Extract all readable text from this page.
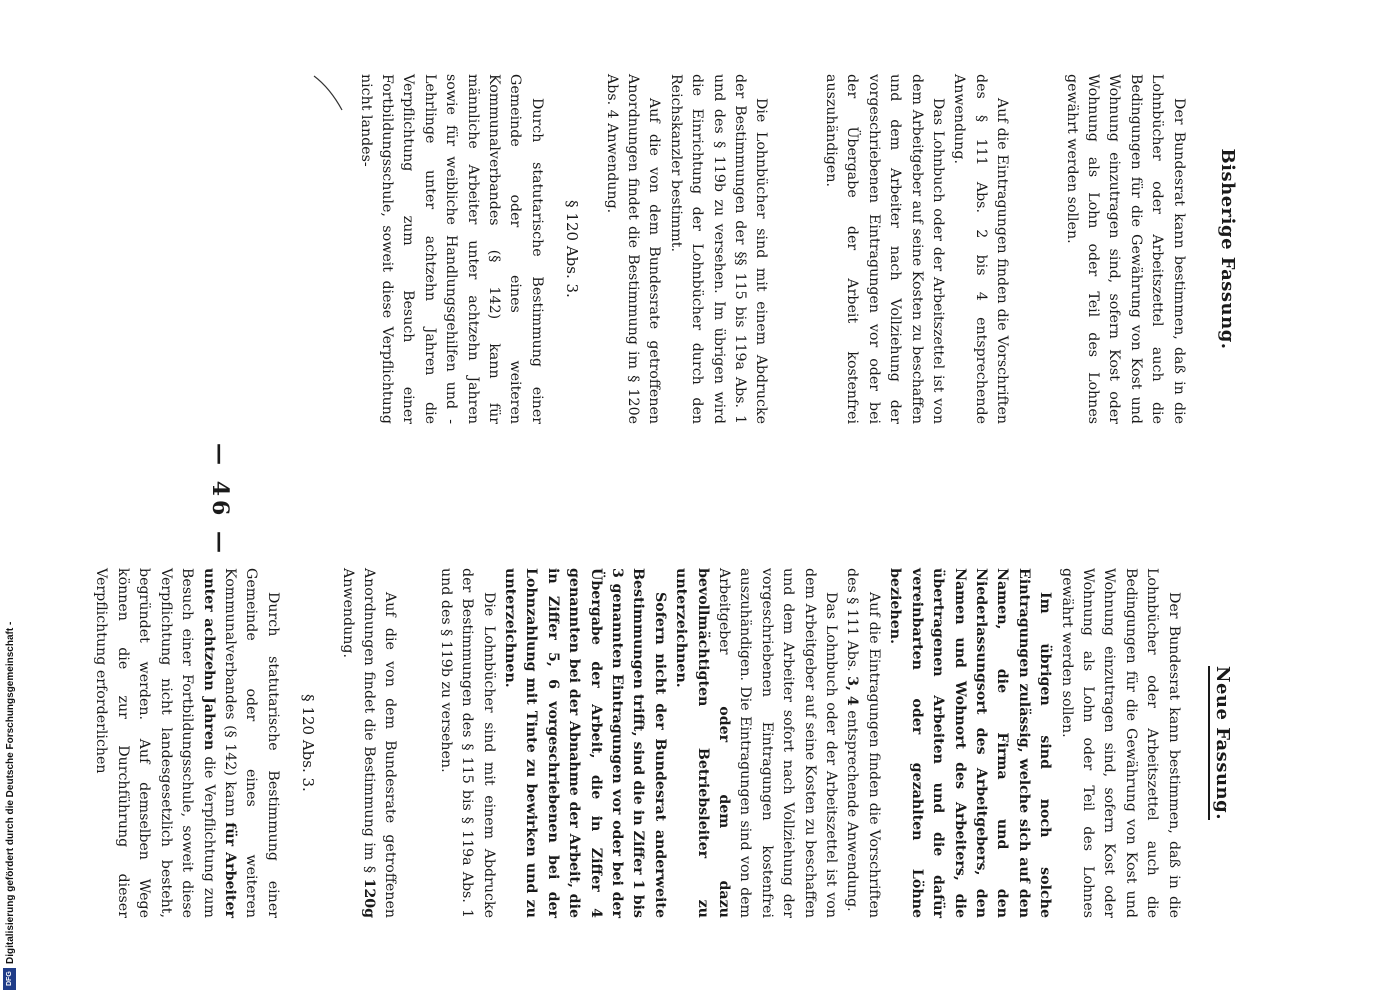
— 46 —
Bisherige Fassung.

Der Bundesrat kann bestimmen, daß in die Lohnbücher oder Arbeitszettel auch die Bedingungen für die Gewährung von Kost und Wohnung einzutragen sind, sofern Kost oder Wohnung als Lohn oder Teil des Lohnes gewährt werden sollen.

Auf die Eintragungen finden die Vorschriften des § 111 Abs. 2 bis 4 entsprechende Anwendung.

Das Lohnbuch oder der Arbeitszettel ist von dem Arbeitgeber auf seine Kosten zu beschaffen und dem Arbeiter nach Vollziehung der vorgeschriebenen Eintragungen vor oder bei der Übergabe der Arbeit kostenfrei auszuhändigen.

Die Lohnbücher sind mit einem Abdrucke der Bestimmungen der §§ 115 bis 119a Abs. 1 und des § 119b zu versehen. Im übrigen wird die Einrichtung der Lohnbücher durch den Reichskanzler bestimmt.

Auf die von dem Bundesrate getroffenen Anordnungen findet die Bestimmung im § 120e Abs. 4 Anwendung.

§ 120 Abs. 3.

Durch statutarische Bestimmung einer Gemeinde oder eines weiteren Kommunalverbandes (§ 142) kann für männliche Arbeiter unter achtzehn Jahren sowie für weibliche Handlungsgehilfen und -Lehrlinge unter achtzehn Jahren die Verpflichtung zum Besuch einer Fortbildungsschule, soweit diese Verpflichtung nicht landes-

Neue Fassung.

Der Bundesrat kann bestimmen, daß in die Lohnbücher oder Arbeitszettel auch die Bedingungen für die Gewährung von Kost und Wohnung einzutragen sind, sofern Kost oder Wohnung als Lohn oder Teil des Lohnes gewährt werden sollen.

Im übrigen sind noch solche Eintragungen zulässig, welche sich auf den Namen, die Firma und den Niederlassungsort des Arbeitgebers, den Namen und Wohnort des Arbeiters, die übertragenen Arbeiten und die dafür vereinbarten oder gezahlten Löhne beziehen.

Auf die Eintragungen finden die Vorschriften des § 111 Abs. 3, 4 entsprechende Anwendung.

Das Lohnbuch oder der Arbeitszettel ist von dem Arbeitgeber auf seine Kosten zu beschaffen und dem Arbeiter sofort nach Vollziehung der vorgeschriebenen Eintragungen kostenfrei auszuhändigen. Die Eintragungen sind von dem Arbeitgeber oder dem dazu bevollmächtigten Betriebsleiter zu unterzeichnen.

Sofern nicht der Bundesrat anderweite Bestimmungen trifft, sind die in Ziffer 1 bis 3 genannten Eintragungen vor oder bei der Übergabe der Arbeit, die in Ziffer 4 genannten bei der Abnahme der Arbeit, die in Ziffer 5, 6 vorgeschriebenen bei der Lohnzahlung mit Tinte zu bewirken und zu unterzeichnen.

Die Lohnbücher sind mit einem Abdrucke der Bestimmungen des § 115 bis § 119a Abs. 1 und des § 119b zu versehen.

Auf die von dem Bundesrate getroffenen Anordnungen findet die Bestimmung im § 120g Anwendung.

§ 120 Abs. 3.

Durch statutarische Bestimmung einer Gemeinde oder eines weiteren Kommunalverbandes (§ 142) kann für Arbeiter unter achtzehn Jahren die Verpflichtung zum Besuch einer Fortbildungsschule, soweit diese Verpflichtung nicht landesgesetzlich besteht, begründet werden. Auf demselben Wege können die zur Durchführung dieser Verpflichtung erforderlichen

Digitalisierung gefördert durch die Deutsche Forschungsgemeinschaft -
DFG
